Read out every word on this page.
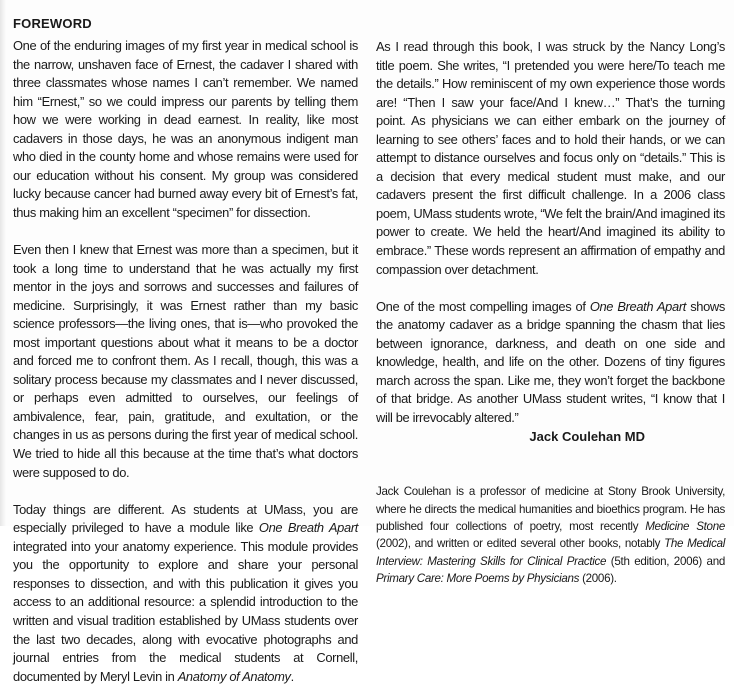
FOREWORD

One of the enduring images of my first year in medical school is the narrow, unshaven face of Ernest, the cadaver I shared with three classmates whose names I can’t remember. We named him “Ernest,” so we could impress our parents by telling them how we were working in dead earnest. In reality, like most cadavers in those days, he was an anonymous indigent man who died in the county home and whose remains were used for our education without his consent. My group was considered lucky because cancer had burned away every bit of Ernest’s fat, thus making him an excellent “specimen” for dissection.

Even then I knew that Ernest was more than a specimen, but it took a long time to understand that he was actually my first mentor in the joys and sorrows and successes and failures of medicine. Surprisingly, it was Ernest rather than my basic science professors—the living ones, that is—who provoked the most important questions about what it means to be a doctor and forced me to confront them. As I recall, though, this was a solitary process because my classmates and I never discussed, or perhaps even admitted to ourselves, our feelings of ambivalence, fear, pain, gratitude, and exultation, or the changes in us as persons during the first year of medical school. We tried to hide all this because at the time that’s what doctors were supposed to do.

Today things are different. As students at UMass, you are especially privileged to have a module like One Breath Apart integrated into your anatomy experience. This module provides you the opportunity to explore and share your personal responses to dissection, and with this publication it gives you access to an additional resource: a splendid introduction to the written and visual tradition established by UMass students over the last two decades, along with evocative photographs and journal entries from the medical students at Cornell, documented by Meryl Levin in Anatomy of Anatomy.

As I read through this book, I was struck by the Nancy Long’s title poem. She writes, “I pretended you were here/To teach me the details.” How reminiscent of my own experience those words are! “Then I saw your face/And I knew…” That’s the turning point. As physicians we can either embark on the journey of learning to see others’ faces and to hold their hands, or we can attempt to distance ourselves and focus only on “details.” This is a decision that every medical student must make, and our cadavers present the first difficult challenge. In a 2006 class poem, UMass students wrote, “We felt the brain/And imagined its power to create. We held the heart/And imagined its ability to embrace.” These words represent an affirmation of empathy and compassion over detachment.

One of the most compelling images of One Breath Apart shows the anatomy cadaver as a bridge spanning the chasm that lies between ignorance, darkness, and death on one side and knowledge, health, and life on the other. Dozens of tiny figures march across the span. Like me, they won’t forget the backbone of that bridge. As another UMass student writes, “I know that I will be irrevocably altered.”

Jack Coulehan MD

Jack Coulehan is a professor of medicine at Stony Brook University, where he directs the medical humanities and bioethics program. He has published four collections of poetry, most recently Medicine Stone (2002), and written or edited several other books, notably The Medical Interview: Mastering Skills for Clinical Practice (5th edition, 2006) and Primary Care: More Poems by Physicians (2006).
